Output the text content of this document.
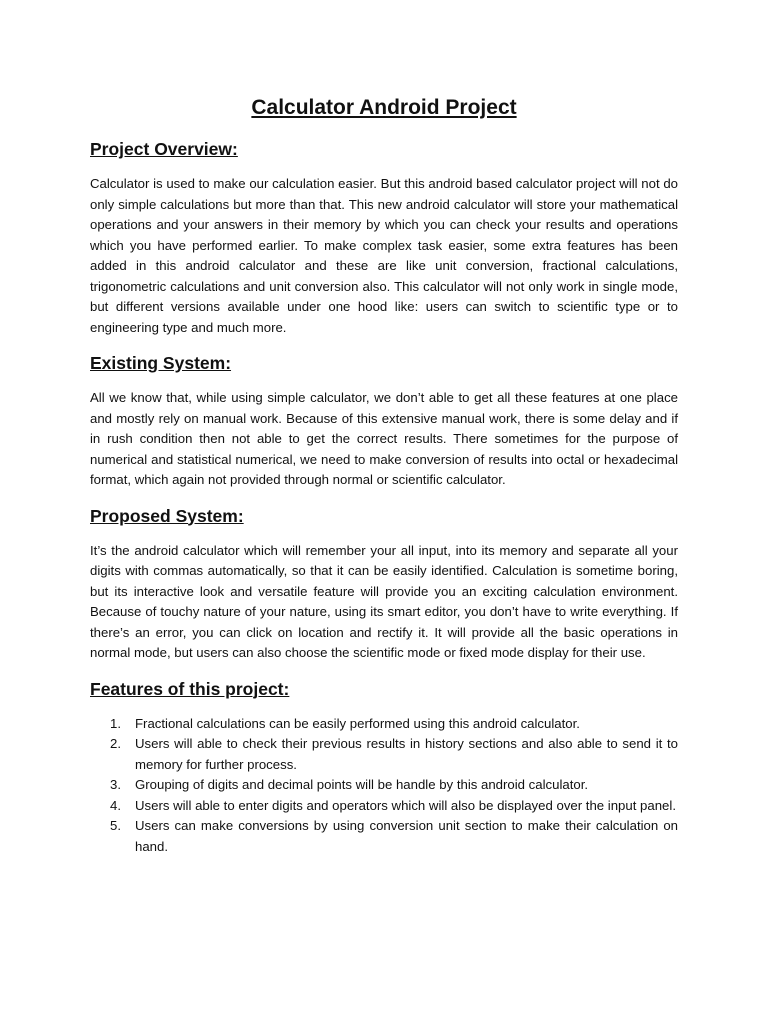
Calculator Android Project
Project Overview:

Calculator is used to make our calculation easier. But this android based calculator project will not do only simple calculations but more than that. This new android calculator will store your mathematical operations and your answers in their memory by which you can check your results and operations which you have performed earlier. To make complex task easier, some extra features has been added in this android calculator and these are like unit conversion, fractional calculations, trigonometric calculations and unit conversion also. This calculator will not only work in single mode, but different versions available under one hood like: users can switch to scientific type or to engineering type and much more.

Existing System:

All we know that, while using simple calculator, we don’t able to get all these features at one place and mostly rely on manual work. Because of this extensive manual work, there is some delay and if in rush condition then not able to get the correct results. There sometimes for the purpose of numerical and statistical numerical, we need to make conversion of results into octal or hexadecimal format, which again not provided through normal or scientific calculator.

Proposed System:

It’s the android calculator which will remember your all input, into its memory and separate all your digits with commas automatically, so that it can be easily identified. Calculation is sometime boring, but its interactive look and versatile feature will provide you an exciting calculation environment. Because of touchy nature of your nature, using its smart editor, you don’t have to write everything. If there’s an error, you can click on location and rectify it. It will provide all the basic operations in normal mode, but users can also choose the scientific mode or fixed mode display for their use.

Features of this project:
1. Fractional calculations can be easily performed using this android calculator.
2. Users will able to check their previous results in history sections and also able to send it to memory for further process.
3. Grouping of digits and decimal points will be handle by this android calculator.
4. Users will able to enter digits and operators which will also be displayed over the input panel.
5. Users can make conversions by using conversion unit section to make their calculation on hand.
